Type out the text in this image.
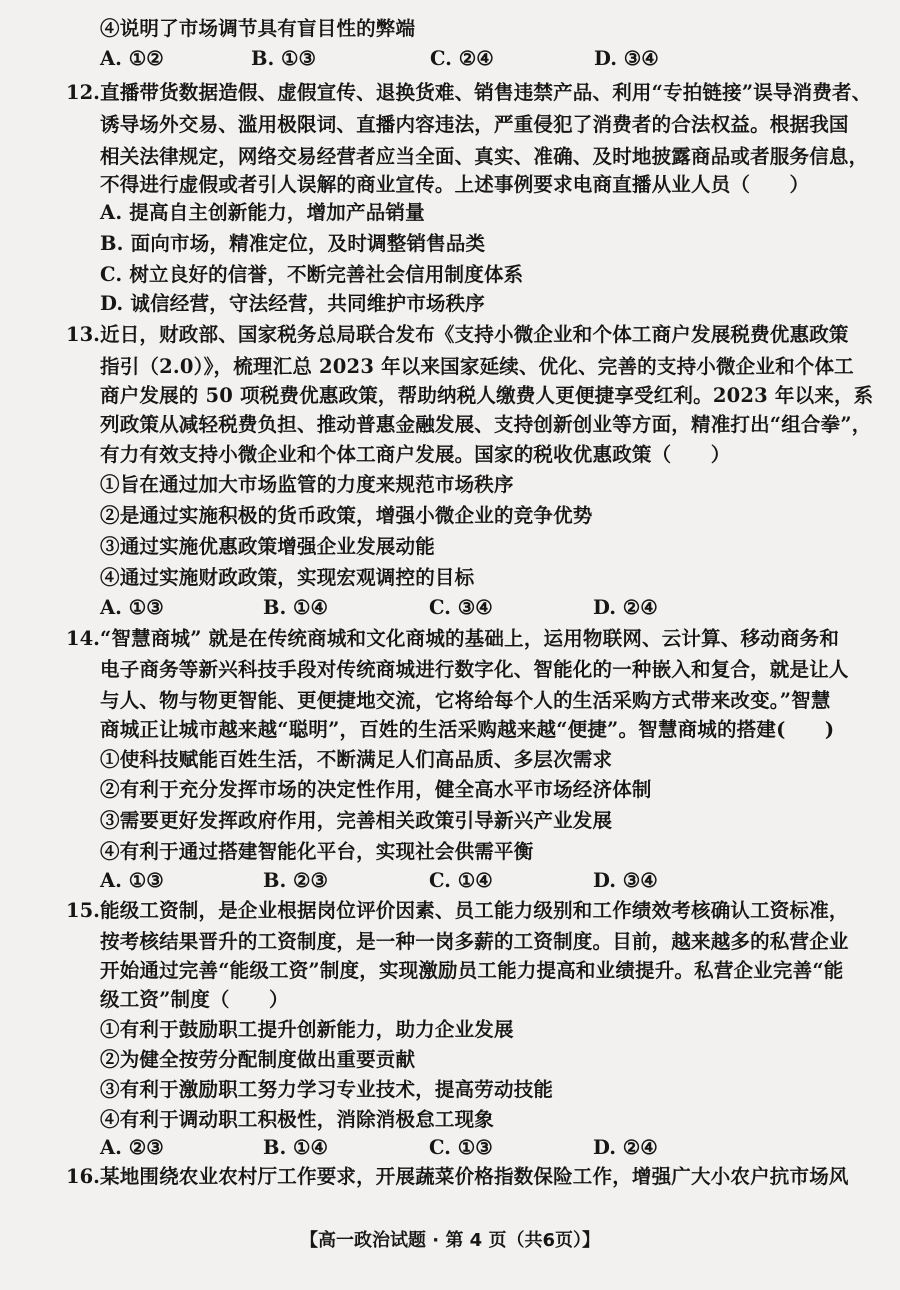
④说明了市场调节具有盲目性的弊端
A. ①②	B. ①③	C. ②④	D. ③④
12. 直播带货数据造假、虚假宣传、退换货难、销售违禁产品、利用“专拍链接”误导消费者、
诱导场外交易、滥用极限词、直播内容违法，严重侵犯了消费者的合法权益。根据我国
相关法律规定，网络交易经营者应当全面、真实、准确、及时地披露商品或者服务信息，
不得进行虚假或者引人误解的商业宣传。上述事例要求电商直播从业人员（　　）
A. 提高自主创新能力，增加产品销量
B. 面向市场，精准定位，及时调整销售品类
C. 树立良好的信誉，不断完善社会信用制度体系
D. 诚信经营，守法经营，共同维护市场秩序
13. 近日，财政部、国家税务总局联合发布《支持小微企业和个体工商户发展税费优惠政策
指引（2.0）》，梳理汇总 2023 年以来国家延续、优化、完善的支持小微企业和个体工
商户发展的 50 项税费优惠政策，帮助纳税人缴费人更便捷享受红利。2023 年以来，系
列政策从减轻税费负担、推动普惠金融发展、支持创新创业等方面，精准打出“组合拳”，
有力有效支持小微企业和个体工商户发展。国家的税收优惠政策（　　）
①旨在通过加大市场监管的力度来规范市场秩序
②是通过实施积极的货币政策，增强小微企业的竞争优势
③通过实施优惠政策增强企业发展动能
④通过实施财政政策，实现宏观调控的目标
A. ①③	B. ①④	C. ③④	D. ②④
14. “智慧商城” 就是在传统商城和文化商城的基础上，运用物联网、云计算、移动商务和
电子商务等新兴科技手段对传统商城进行数字化、智能化的一种嵌入和复合，就是让人
与人、物与物更智能、更便捷地交流，它将给每个人的生活采购方式带来改变。”智慧
商城正让城市越来越“聪明”，百姓的生活采购越来越“便捷”。智慧商城的搭建(　　)
①使科技赋能百姓生活，不断满足人们高品质、多层次需求
②有利于充分发挥市场的决定性作用，健全高水平市场经济体制
③需要更好发挥政府作用，完善相关政策引导新兴产业发展
④有利于通过搭建智能化平台，实现社会供需平衡
A. ①③	B. ②③	C. ①④	D. ③④
15. 能级工资制，是企业根据岗位评价因素、员工能力级别和工作绩效考核确认工资标准，
按考核结果晋升的工资制度，是一种一岗多薪的工资制度。目前，越来越多的私营企业
开始通过完善“能级工资”制度，实现激励员工能力提高和业绩提升。私营企业完善“能
级工资”制度（　　）
①有利于鼓励职工提升创新能力，助力企业发展
②为健全按劳分配制度做出重要贡献
③有利于激励职工努力学习专业技术，提高劳动技能
④有利于调动职工积极性，消除消极怠工现象
A. ②③	B. ①④	C. ①③	D. ②④
16. 某地围绕农业农村厅工作要求，开展蔬菜价格指数保险工作，增强广大小农户抗市场风
【高一政治试题 · 第 4 页（共6页）】
